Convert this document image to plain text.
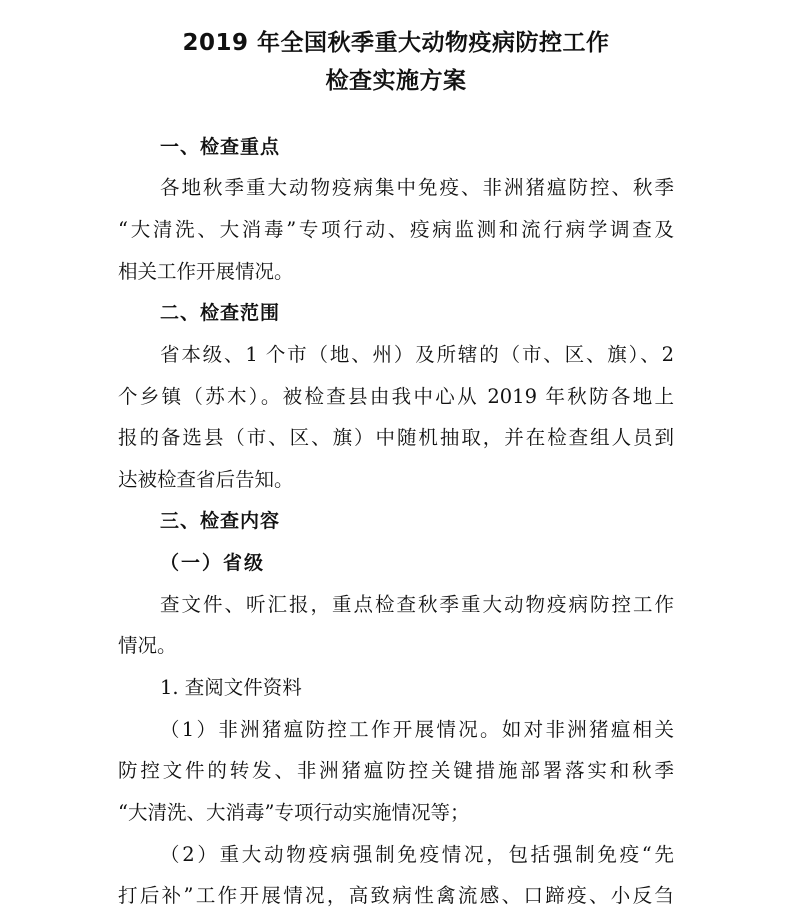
2019 年全国秋季重大动物疫病防控工作
检查实施方案
一、检查重点
各地秋季重大动物疫病集中免疫、非洲猪瘟防控、秋季
“大清洗、大消毒”专项行动、疫病监测和流行病学调查及
相关工作开展情况。
二、检查范围
省本级、1 个市（地、州）及所辖的（市、区、旗）、2
个乡镇（苏木）。被检查县由我中心从 2019 年秋防各地上
报的备选县（市、区、旗）中随机抽取，并在检查组人员到
达被检查省后告知。
三、检查内容
（一）省级
查文件、听汇报，重点检查秋季重大动物疫病防控工作
情况。
1. 查阅文件资料
（1）非洲猪瘟防控工作开展情况。如对非洲猪瘟相关
防控文件的转发、非洲猪瘟防控关键措施部署落实和秋季
“大清洗、大消毒”专项行动实施情况等；
（2）重大动物疫病强制免疫情况，包括强制免疫“先
打后补”工作开展情况，高致病性禽流感、口蹄疫、小反刍
